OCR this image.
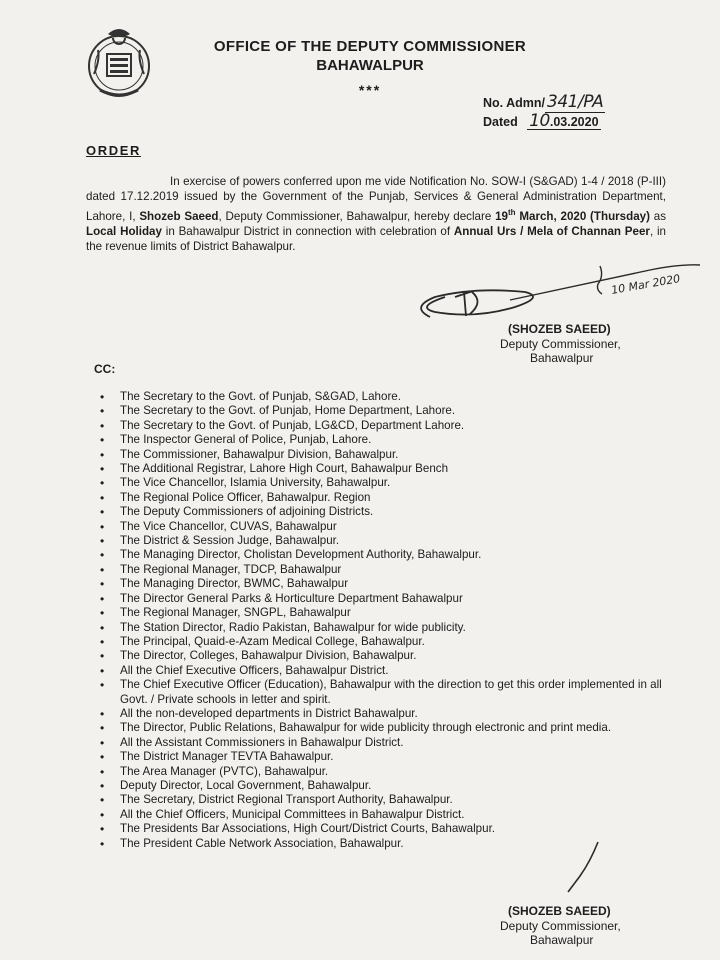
OFFICE OF THE DEPUTY COMMISSIONER
BAHAWALPUR
***
No. Admn/ 341/PA
Dated 10.03.2020
ORDER
In exercise of powers conferred upon me vide Notification No. SOW-I (S&GAD) 1-4 / 2018 (P-III) dated 17.12.2019 issued by the Government of the Punjab, Services & General Administration Department, Lahore, I, Shozeb Saeed, Deputy Commissioner, Bahawalpur, hereby declare 19th March, 2020 (Thursday) as Local Holiday in Bahawalpur District in connection with celebration of Annual Urs / Mela of Channan Peer, in the revenue limits of District Bahawalpur.
10 Mar 2020
(SHOZEB SAEED)
Deputy Commissioner,
Bahawalpur
CC:
• The Secretary to the Govt. of Punjab, S&GAD, Lahore.
• The Secretary to the Govt. of Punjab, Home Department, Lahore.
• The Secretary to the Govt. of Punjab, LG&CD, Department Lahore.
• The Inspector General of Police, Punjab, Lahore.
• The Commissioner, Bahawalpur Division, Bahawalpur.
• The Additional Registrar, Lahore High Court, Bahawalpur Bench
• The Vice Chancellor, Islamia University, Bahawalpur.
• The Regional Police Officer, Bahawalpur. Region
• The Deputy Commissioners of adjoining Districts.
• The Vice Chancellor, CUVAS, Bahawalpur
• The District & Session Judge, Bahawalpur.
• The Managing Director, Cholistan Development Authority, Bahawalpur.
• The Regional Manager, TDCP, Bahawalpur
• The Managing Director, BWMC, Bahawalpur
• The Director General Parks & Horticulture Department Bahawalpur
• The Regional Manager, SNGPL, Bahawalpur
• The Station Director, Radio Pakistan, Bahawalpur for wide publicity.
• The Principal, Quaid-e-Azam Medical College, Bahawalpur.
• The Director, Colleges, Bahawalpur Division, Bahawalpur.
• All the Chief Executive Officers, Bahawalpur District.
• The Chief Executive Officer (Education), Bahawalpur with the direction to get this order implemented in all Govt. / Private schools in letter and spirit.
• All the non-developed departments in District Bahawalpur.
• The Director, Public Relations, Bahawalpur for wide publicity through electronic and print media.
• All the Assistant Commissioners in Bahawalpur District.
• The District Manager TEVTA Bahawalpur.
• The Area Manager (PVTC), Bahawalpur.
• Deputy Director, Local Government, Bahawalpur.
• The Secretary, District Regional Transport Authority, Bahawalpur.
• All the Chief Officers, Municipal Committees in Bahawalpur District.
• The Presidents Bar Associations, High Court/District Courts, Bahawalpur.
• The President Cable Network Association, Bahawalpur.
(SHOZEB SAEED)
Deputy Commissioner,
Bahawalpur
